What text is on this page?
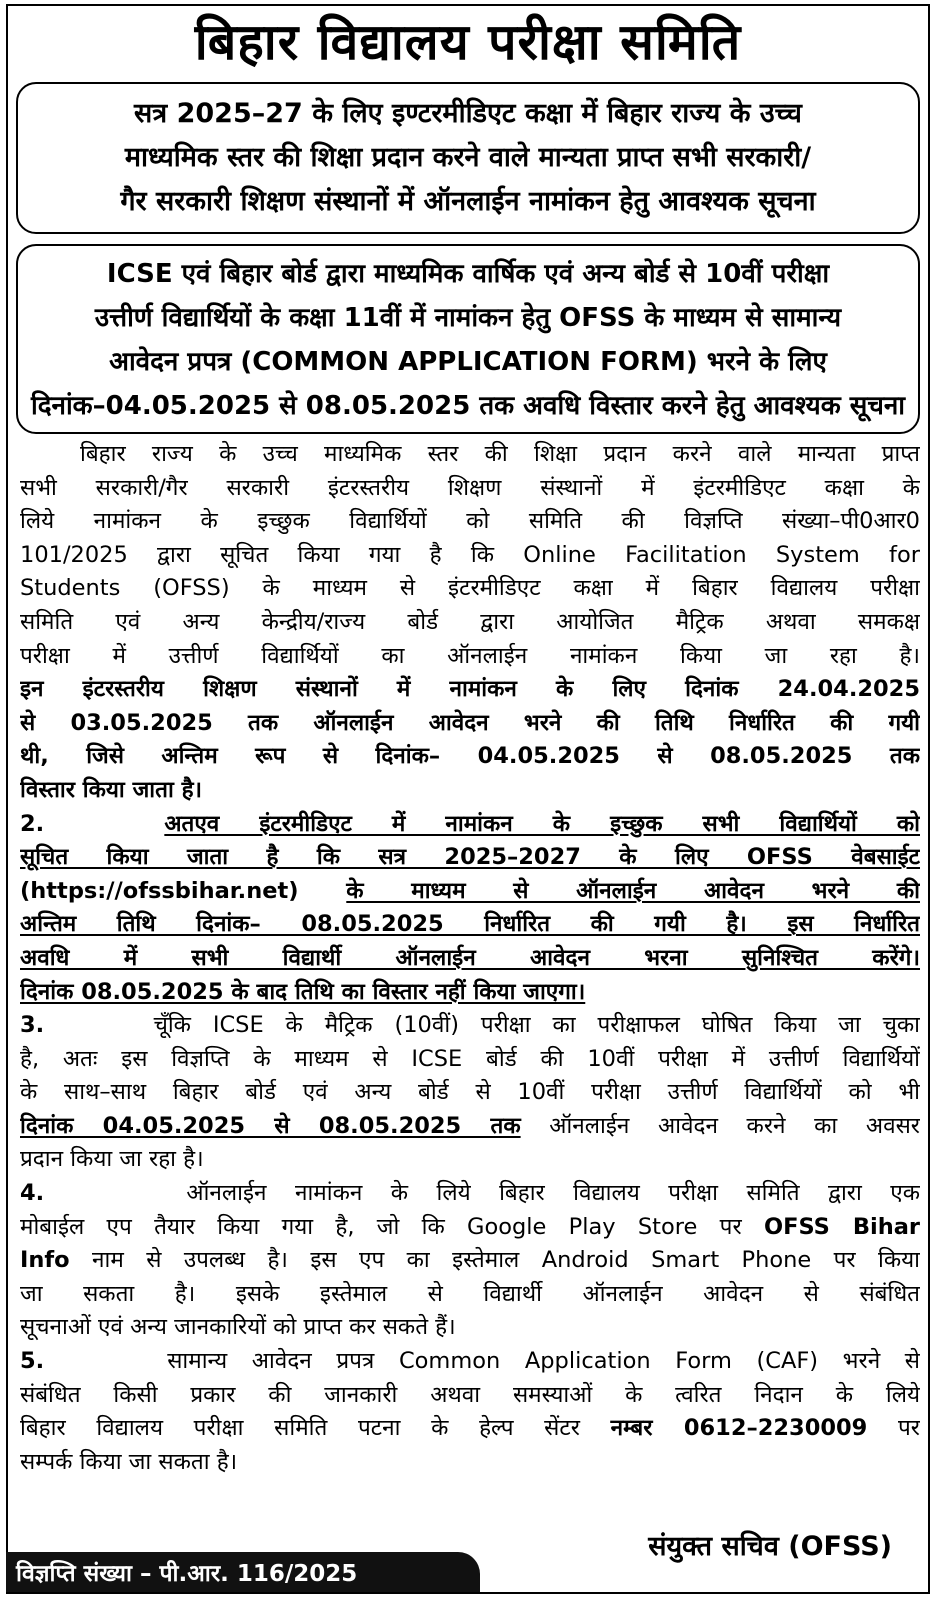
बिहार विद्यालय परीक्षा समिति
सत्र 2025–27 के लिए इण्टरमीडिएट कक्षा में बिहार राज्य के उच्च
माध्यमिक स्तर की शिक्षा प्रदान करने वाले मान्यता प्राप्त सभी सरकारी/
गैर सरकारी शिक्षण संस्थानों में ऑनलाईन नामांकन हेतु आवश्यक सूचना
ICSE एवं बिहार बोर्ड द्वारा माध्यमिक वार्षिक एवं अन्य बोर्ड से 10वीं परीक्षा
उत्तीर्ण विद्यार्थियों के कक्षा 11वीं में नामांकन हेतु OFSS के माध्यम से सामान्य
आवेदन प्रपत्र (COMMON APPLICATION FORM) भरने के लिए
दिनांक–04.05.2025 से 08.05.2025 तक अवधि विस्तार करने हेतु आवश्यक सूचना
बिहार राज्य के उच्च माध्यमिक स्तर की शिक्षा प्रदान करने वाले मान्यता प्राप्त
सभी सरकारी/गैर सरकारी इंटरस्तरीय शिक्षण संस्थानों में इंटरमीडिएट कक्षा के
लिये नामांकन के इच्छुक विद्यार्थियों को समिति की विज्ञप्ति संख्या–पी0आर0
101/2025 द्वारा सूचित किया गया है कि Online Facilitation System for
Students (OFSS) के माध्यम से इंटरमीडिएट कक्षा में बिहार विद्यालय परीक्षा
समिति एवं अन्य केन्द्रीय/राज्य बोर्ड द्वारा आयोजित मैट्रिक अथवा समकक्ष
परीक्षा में उत्तीर्ण विद्यार्थियों का ऑनलाईन नामांकन किया जा रहा है।
इन इंटरस्तरीय शिक्षण संस्थानों में नामांकन के लिए दिनांक 24.04.2025
से 03.05.2025 तक ऑनलाईन आवेदन भरने की तिथि निर्धारित की गयी
थी, जिसे अन्तिम रूप से दिनांक– 04.05.2025 से 08.05.2025 तक
विस्तार किया जाता है।
2.	अतएव इंटरमीडिएट में नामांकन के इच्छुक सभी विद्यार्थियों को
सूचित किया जाता है कि सत्र 2025–2027 के लिए OFSS वेबसाईट
(https://ofssbihar.net) के माध्यम से ऑनलाईन आवेदन भरने की
अन्तिम तिथि दिनांक– 08.05.2025 निर्धारित की गयी है। इस निर्धारित
अवधि में सभी विद्यार्थी ऑनलाईन आवेदन भरना सुनिश्चित करेंगे।
दिनांक 08.05.2025 के बाद तिथि का विस्तार नहीं किया जाएगा।
3.	चूँकि ICSE के मैट्रिक (10वीं) परीक्षा का परीक्षाफल घोषित किया जा चुका
है, अतः इस विज्ञप्ति के माध्यम से ICSE बोर्ड की 10वीं परीक्षा में उत्तीर्ण विद्यार्थियों
के साथ–साथ बिहार बोर्ड एवं अन्य बोर्ड से 10वीं परीक्षा उत्तीर्ण विद्यार्थियों को भी
दिनांक 04.05.2025 से 08.05.2025 तक ऑनलाईन आवेदन करने का अवसर
प्रदान किया जा रहा है।
4.	ऑनलाईन नामांकन के लिये बिहार विद्यालय परीक्षा समिति द्वारा एक
मोबाईल एप तैयार किया गया है, जो कि Google Play Store पर OFSS Bihar
Info नाम से उपलब्ध है। इस एप का इस्तेमाल Android Smart Phone पर किया
जा सकता है। इसके इस्तेमाल से विद्यार्थी ऑनलाईन आवेदन से संबंधित
सूचनाओं एवं अन्य जानकारियों को प्राप्त कर सकते हैं।
5.	सामान्य आवेदन प्रपत्र Common Application Form (CAF) भरने से
संबंधित किसी प्रकार की जानकारी अथवा समस्याओं के त्वरित निदान के लिये
बिहार विद्यालय परीक्षा समिति पटना के हेल्प सेंटर नम्बर 0612–2230009 पर
सम्पर्क किया जा सकता है।
विज्ञप्ति संख्या – पी.आर. 116/2025
संयुक्त सचिव (OFSS)
